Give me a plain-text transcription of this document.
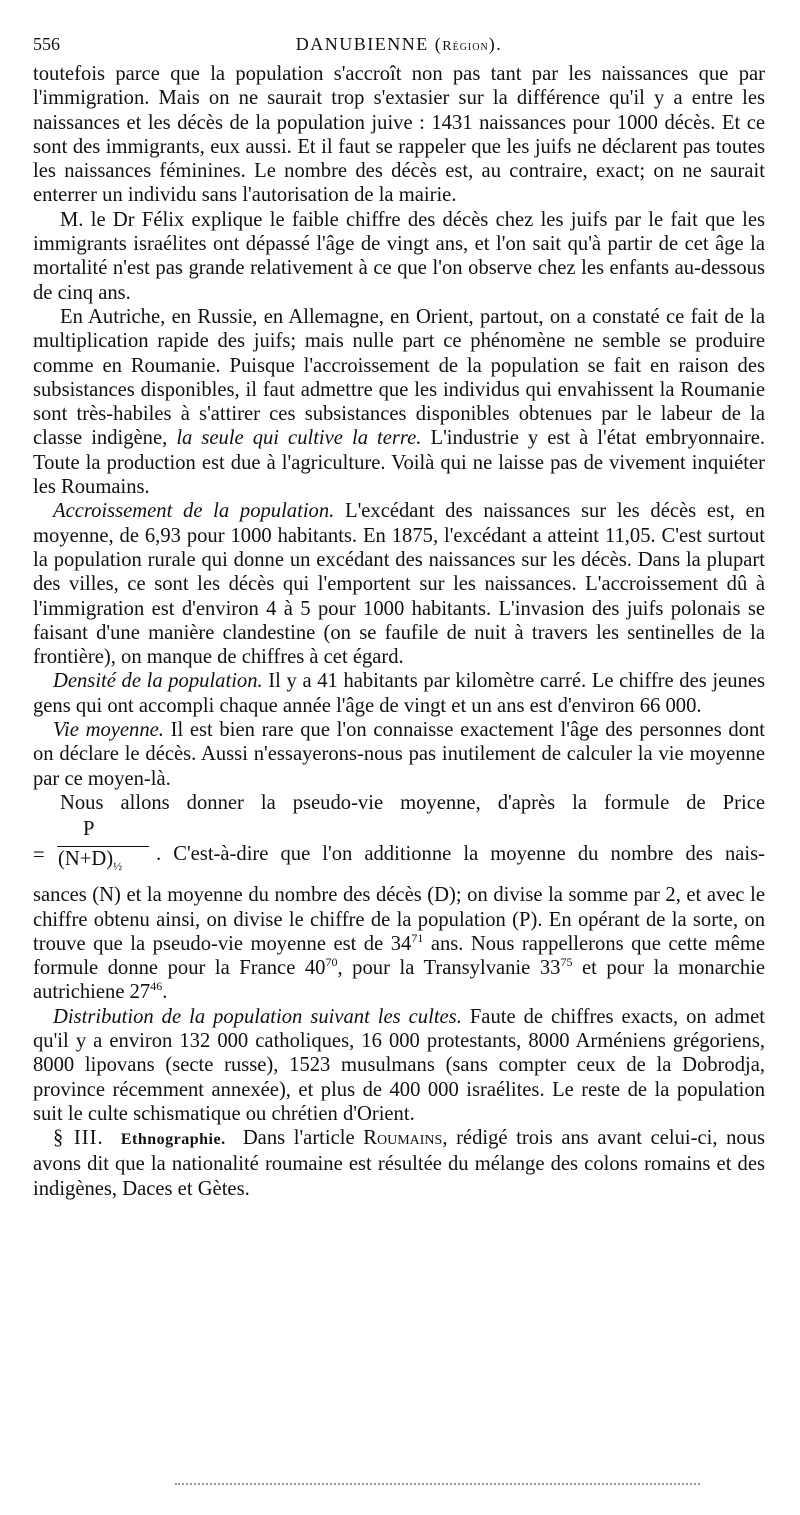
556	DANUBIENNE (Région).

toutefois parce que la population s'accroît non pas tant par les naissances que par l'immigration. Mais on ne saurait trop s'extasier sur la différence qu'il y a entre les naissances et les décès de la population juive : 1431 naissances pour 1000 décès. Et ce sont des immigrants, eux aussi. Et il faut se rappeler que les juifs ne déclarent pas toutes les naissances féminines. Le nombre des décès est, au contraire, exact; on ne saurait enterrer un individu sans l'autorisation de la mairie.

M. le Dr Félix explique le faible chiffre des décès chez les juifs par le fait que les immigrants israélites ont dépassé l'âge de vingt ans, et l'on sait qu'à partir de cet âge la mortalité n'est pas grande relativement à ce que l'on observe chez les enfants au-dessous de cinq ans.

En Autriche, en Russie, en Allemagne, en Orient, partout, on a constaté ce fait de la multiplication rapide des juifs; mais nulle part ce phénomène ne semble se produire comme en Roumanie. Puisque l'accroissement de la population se fait en raison des subsistances disponibles, il faut admettre que les individus qui envahissent la Roumanie sont très-habiles à s'attirer ces subsistances disponibles obtenues par le labeur de la classe indigène, la seule qui cultive la terre. L'industrie y est à l'état embryonnaire. Toute la production est due à l'agriculture. Voilà qui ne laisse pas de vivement inquiéter les Roumains.

Accroissement de la population. L'excédant des naissances sur les décès est, en moyenne, de 6,93 pour 1000 habitants. En 1875, l'excédant a atteint 11,05. C'est surtout la population rurale qui donne un excédant des naissances sur les décès. Dans la plupart des villes, ce sont les décès qui l'emportent sur les naissances. L'accroissement dû à l'immigration est d'environ 4 à 5 pour 1000 habitants. L'invasion des juifs polonais se faisant d'une manière clandestine (on se faufile de nuit à travers les sentinelles de la frontière), on manque de chiffres à cet égard.

Densité de la population. Il y a 41 habitants par kilomètre carré. Le chiffre des jeunes gens qui ont accompli chaque année l'âge de vingt et un ans est d'environ 66 000.

Vie moyenne. Il est bien rare que l'on connaisse exactement l'âge des personnes dont on déclare le décès. Aussi n'essayerons-nous pas inutilement de calculer la vie moyenne par ce moyen-là.

Nous allons donner la pseudo-vie moyenne, d'après la formule de Price

=
P
$(N+D)_{\frac{1}{2}}$
. C'est-à-dire que l'on additionne la moyenne du nombre des nais-

sances (N) et la moyenne du nombre des décès (D); on divise la somme par 2, et avec le chiffre obtenu ainsi, on divise le chiffre de la population (P). En opérant de la sorte, on trouve que la pseudo-vie moyenne est de $34^{71}$ ans. Nous rappellerons que cette même formule donne pour la France $40^{70}$, pour la Transylvanie $33^{75}$ et pour la monarchie autrichiene $27^{46}$.

Distribution de la population suivant les cultes. Faute de chiffres exacts, on admet qu'il y a environ 132 000 catholiques, 16 000 protestants, 8000 Arméniens grégoriens, 8000 lipovans (secte russe), 1523 musulmans (sans compter ceux de la Dobrodja, province récemment annexée), et plus de 400 000 israélites. Le reste de la population suit le culte schismatique ou chrétien d'Orient.

§ III. Ethnographie. Dans l'article Roumains, rédigé trois ans avant celui-ci, nous avons dit que la nationalité roumaine est résultée du mélange des colons romains et des indigènes, Daces et Gètes.
